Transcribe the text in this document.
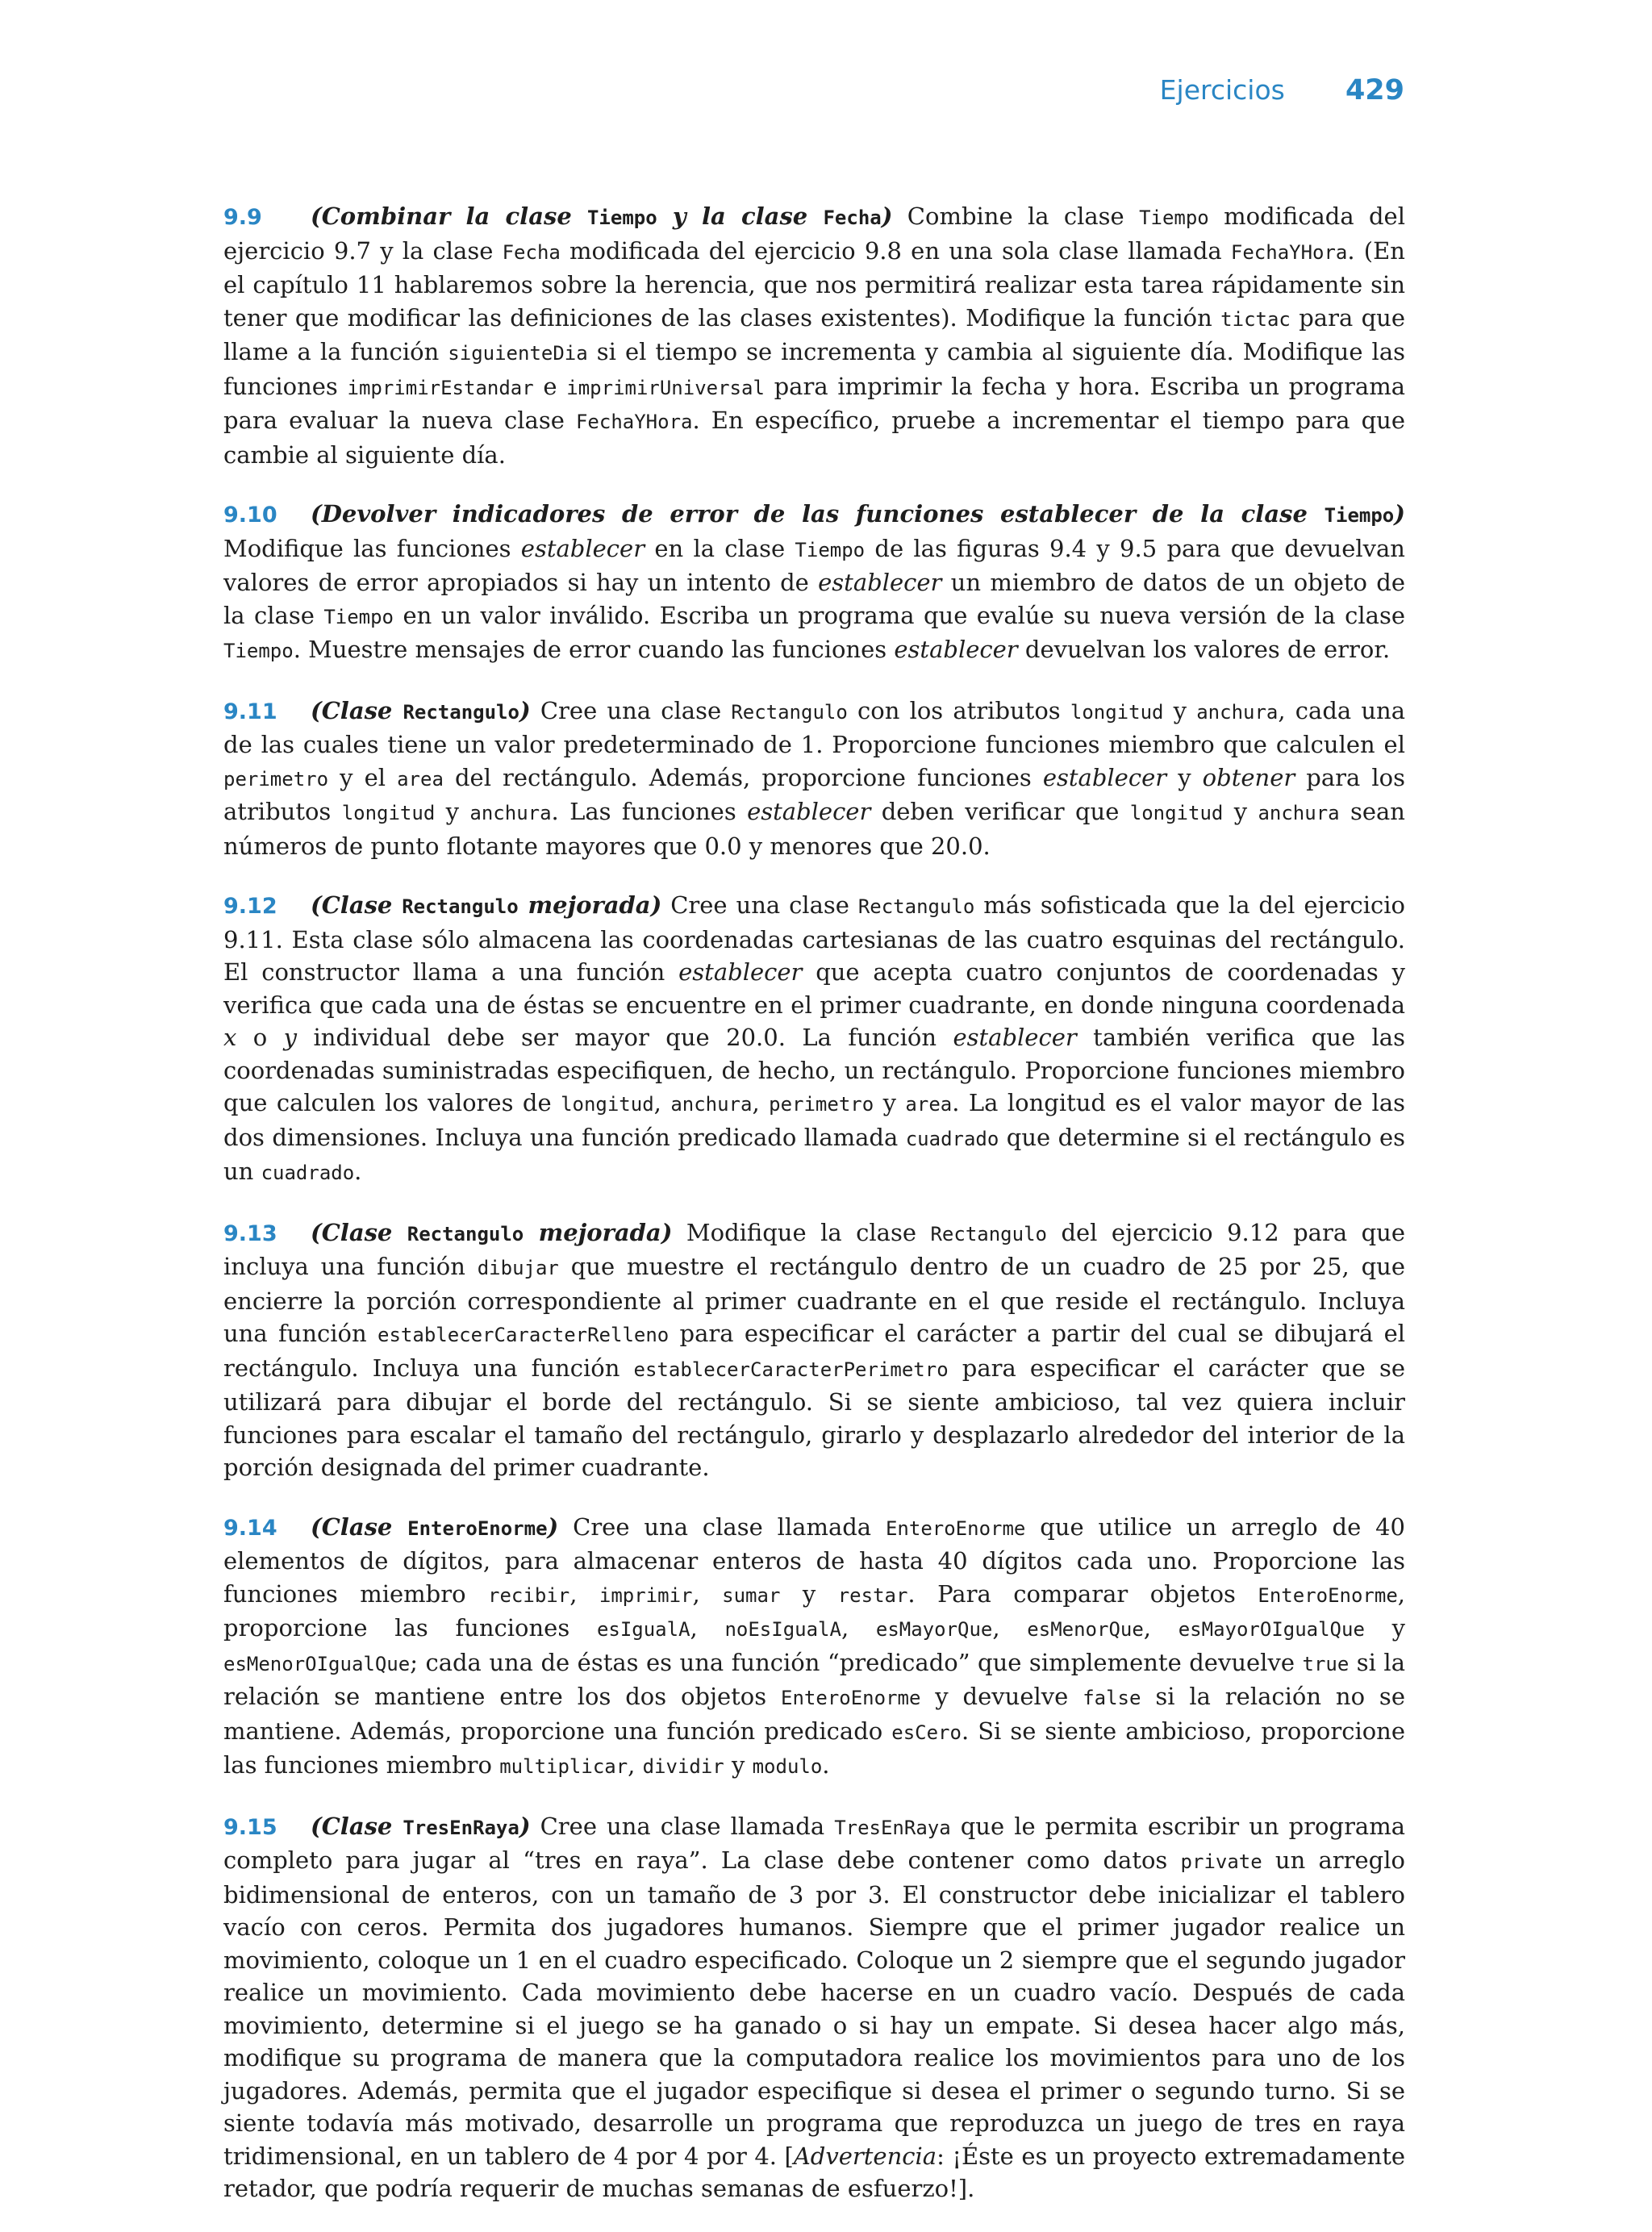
Ejercicios 429
9.9 (Combinar la clase Tiempo y la clase Fecha) Combine la clase Tiempo modificada del ejercicio 9.7 y la clase Fecha modificada del ejercicio 9.8 en una sola clase llamada FechaYHora. (En el capítulo 11 hablaremos sobre la herencia, que nos permitirá realizar esta tarea rápidamente sin tener que modificar las definiciones de las clases existentes). Modifique la función tictac para que llame a la función siguienteDia si el tiempo se incrementa y cambia al siguiente día. Modifique las funciones imprimirEstandar e imprimirUniversal para imprimir la fecha y hora. Escriba un programa para evaluar la nueva clase FechaYHora. En específico, pruebe a incrementar el tiempo para que cambie al siguiente día.
9.10 (Devolver indicadores de error de las funciones establecer de la clase Tiempo) Modifique las funciones establecer en la clase Tiempo de las figuras 9.4 y 9.5 para que devuelvan valores de error apropiados si hay un intento de establecer un miembro de datos de un objeto de la clase Tiempo en un valor inválido. Escriba un programa que evalúe su nueva versión de la clase Tiempo. Muestre mensajes de error cuando las funciones establecer devuelvan los valores de error.
9.11 (Clase Rectangulo) Cree una clase Rectangulo con los atributos longitud y anchura, cada una de las cuales tiene un valor predeterminado de 1. Proporcione funciones miembro que calculen el perimetro y el area del rectángulo. Además, proporcione funciones establecer y obtener para los atributos longitud y anchura. Las funciones establecer deben verificar que longitud y anchura sean números de punto flotante mayores que 0.0 y menores que 20.0.
9.12 (Clase Rectangulo mejorada) Cree una clase Rectangulo más sofisticada que la del ejercicio 9.11. Esta clase sólo almacena las coordenadas cartesianas de las cuatro esquinas del rectángulo. El constructor llama a una función establecer que acepta cuatro conjuntos de coordenadas y verifica que cada una de éstas se encuentre en el primer cuadrante, en donde ninguna coordenada x o y individual debe ser mayor que 20.0. La función establecer también verifica que las coordenadas suministradas especifiquen, de hecho, un rectángulo. Proporcione funciones miembro que calculen los valores de longitud, anchura, perimetro y area. La longitud es el valor mayor de las dos dimensiones. Incluya una función predicado llamada cuadrado que determine si el rectángulo es un cuadrado.
9.13 (Clase Rectangulo mejorada) Modifique la clase Rectangulo del ejercicio 9.12 para que incluya una función dibujar que muestre el rectángulo dentro de un cuadro de 25 por 25, que encierre la porción correspondiente al primer cuadrante en el que reside el rectángulo. Incluya una función establecerCaracterRelleno para especificar el carácter a partir del cual se dibujará el rectángulo. Incluya una función establecerCaracterPerimetro para especificar el carácter que se utilizará para dibujar el borde del rectángulo. Si se siente ambicioso, tal vez quiera incluir funciones para escalar el tamaño del rectángulo, girarlo y desplazarlo alrededor del interior de la porción designada del primer cuadrante.
9.14 (Clase EnteroEnorme) Cree una clase llamada EnteroEnorme que utilice un arreglo de 40 elementos de dígitos, para almacenar enteros de hasta 40 dígitos cada uno. Proporcione las funciones miembro recibir, imprimir, sumar y restar. Para comparar objetos EnteroEnorme, proporcione las funciones esIgualA, noEsIgualA, esMayorQue, esMenorQue, esMayorOIgualQue y esMenorOIgualQue; cada una de éstas es una función “predicado” que simplemente devuelve true si la relación se mantiene entre los dos objetos EnteroEnorme y devuelve false si la relación no se mantiene. Además, proporcione una función predicado esCero. Si se siente ambicioso, proporcione las funciones miembro multiplicar, dividir y modulo.
9.15 (Clase TresEnRaya) Cree una clase llamada TresEnRaya que le permita escribir un programa completo para jugar al “tres en raya”. La clase debe contener como datos private un arreglo bidimensional de enteros, con un tamaño de 3 por 3. El constructor debe inicializar el tablero vacío con ceros. Permita dos jugadores humanos. Siempre que el primer jugador realice un movimiento, coloque un 1 en el cuadro especificado. Coloque un 2 siempre que el segundo jugador realice un movimiento. Cada movimiento debe hacerse en un cuadro vacío. Después de cada movimiento, determine si el juego se ha ganado o si hay un empate. Si desea hacer algo más, modifique su programa de manera que la computadora realice los movimientos para uno de los jugadores. Además, permita que el jugador especifique si desea el primer o segundo turno. Si se siente todavía más motivado, desarrolle un programa que reproduzca un juego de tres en raya tridimensional, en un tablero de 4 por 4 por 4. [Advertencia: ¡Éste es un proyecto extremadamente retador, que podría requerir de muchas semanas de esfuerzo!].
